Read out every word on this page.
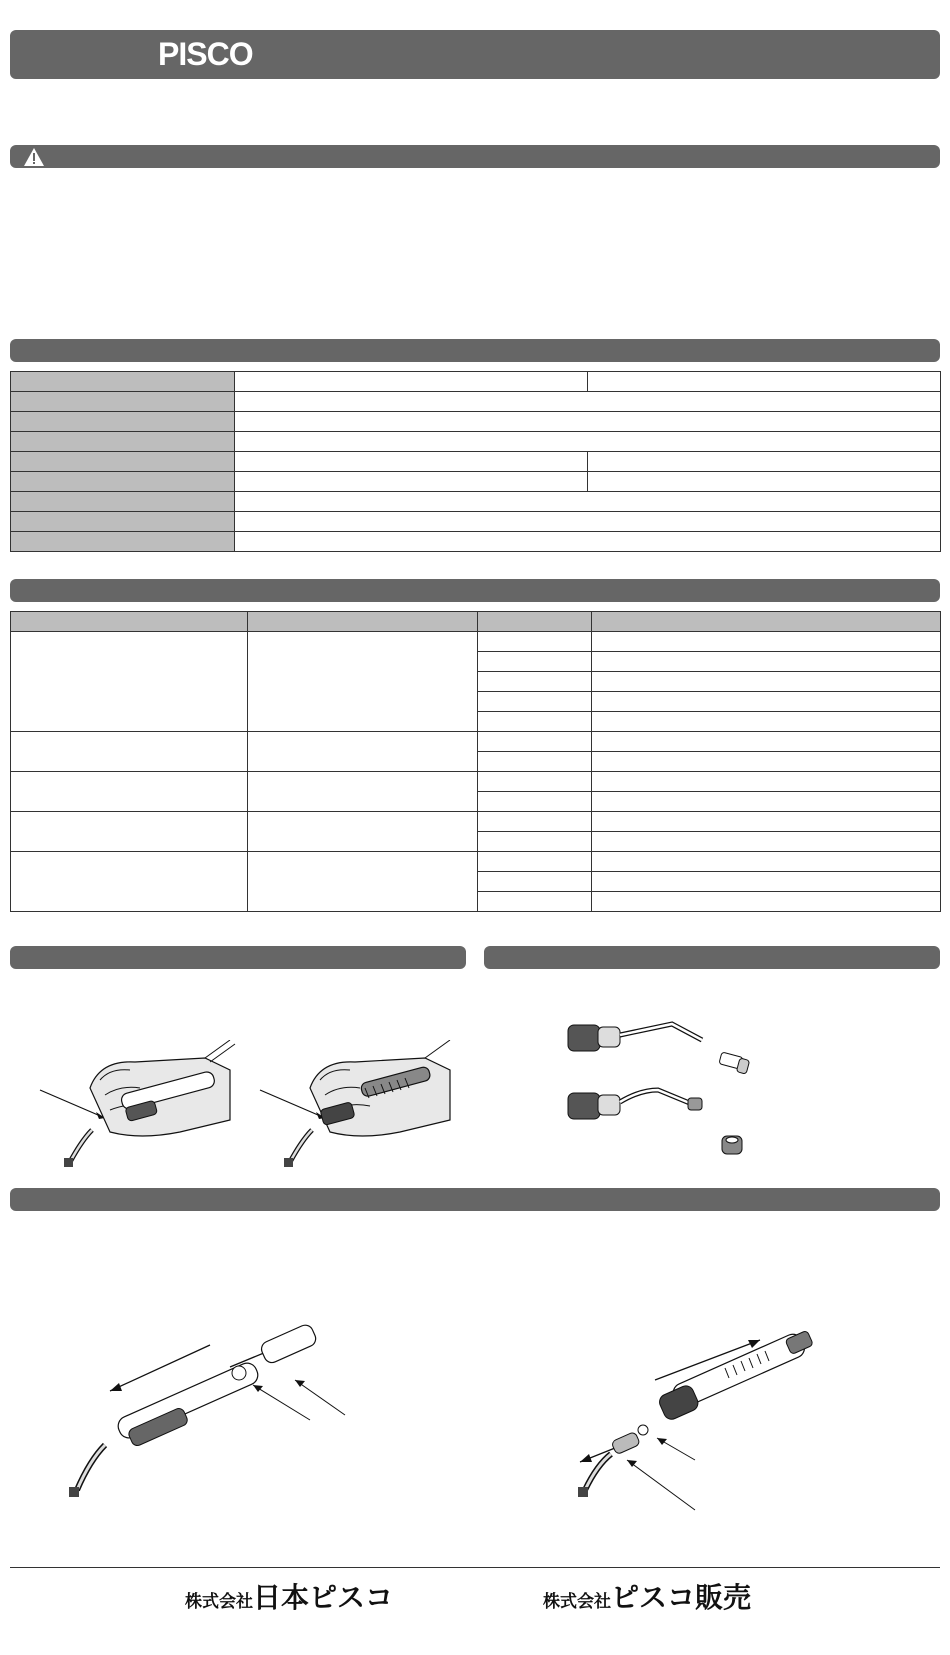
PISCO

株式会社日本ピスコ	株式会社ピスコ販売
